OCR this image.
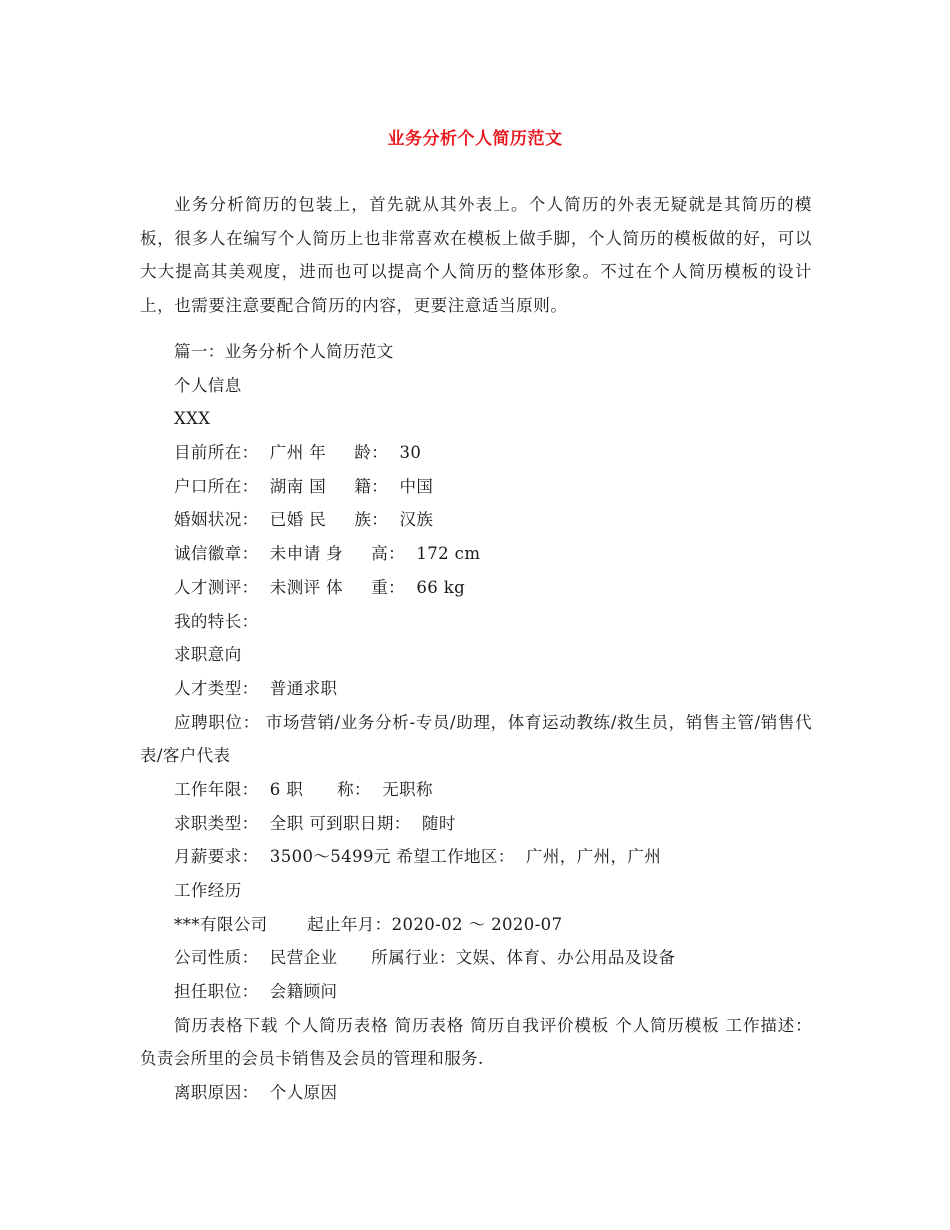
业务分析个人简历范文

业务分析简历的包装上，首先就从其外表上。个人简历的外表无疑就是其简历的模板，很多人在编写个人简历上也非常喜欢在模板上做手脚，个人简历的模板做的好，可以大大提高其美观度，进而也可以提高个人简历的整体形象。不过在个人简历模板的设计上，也需要注意要配合简历的内容，更要注意适当原则。

篇一：业务分析个人简历范文
个人信息
XXX
目前所在：  广州 年     龄：  30
户口所在：  湖南 国     籍：  中国
婚姻状况：  已婚 民     族：  汉族
诚信徽章：  未申请 身     高：  172 cm
人才测评：  未测评 体     重：  66 kg
我的特长：
求职意向
人才类型：  普通求职
应聘职位： 市场营销/业务分析-专员/助理，体育运动教练/救生员，销售主管/销售代表/客户代表
工作年限：  6 职      称：  无职称
求职类型：  全职 可到职日期：  随时
月薪要求：  3500～5499元 希望工作地区：  广州，广州，广州
工作经历
***有限公司       起止年月：2020-02 ～ 2020-07
公司性质：  民营企业      所属行业：文娱、体育、办公用品及设备
担任职位：  会籍顾问
简历表格下载 个人简历表格 简历表格 简历自我评价模板 个人简历模板 工作描述： 负责会所里的会员卡销售及会员的管理和服务.
离职原因：  个人原因
